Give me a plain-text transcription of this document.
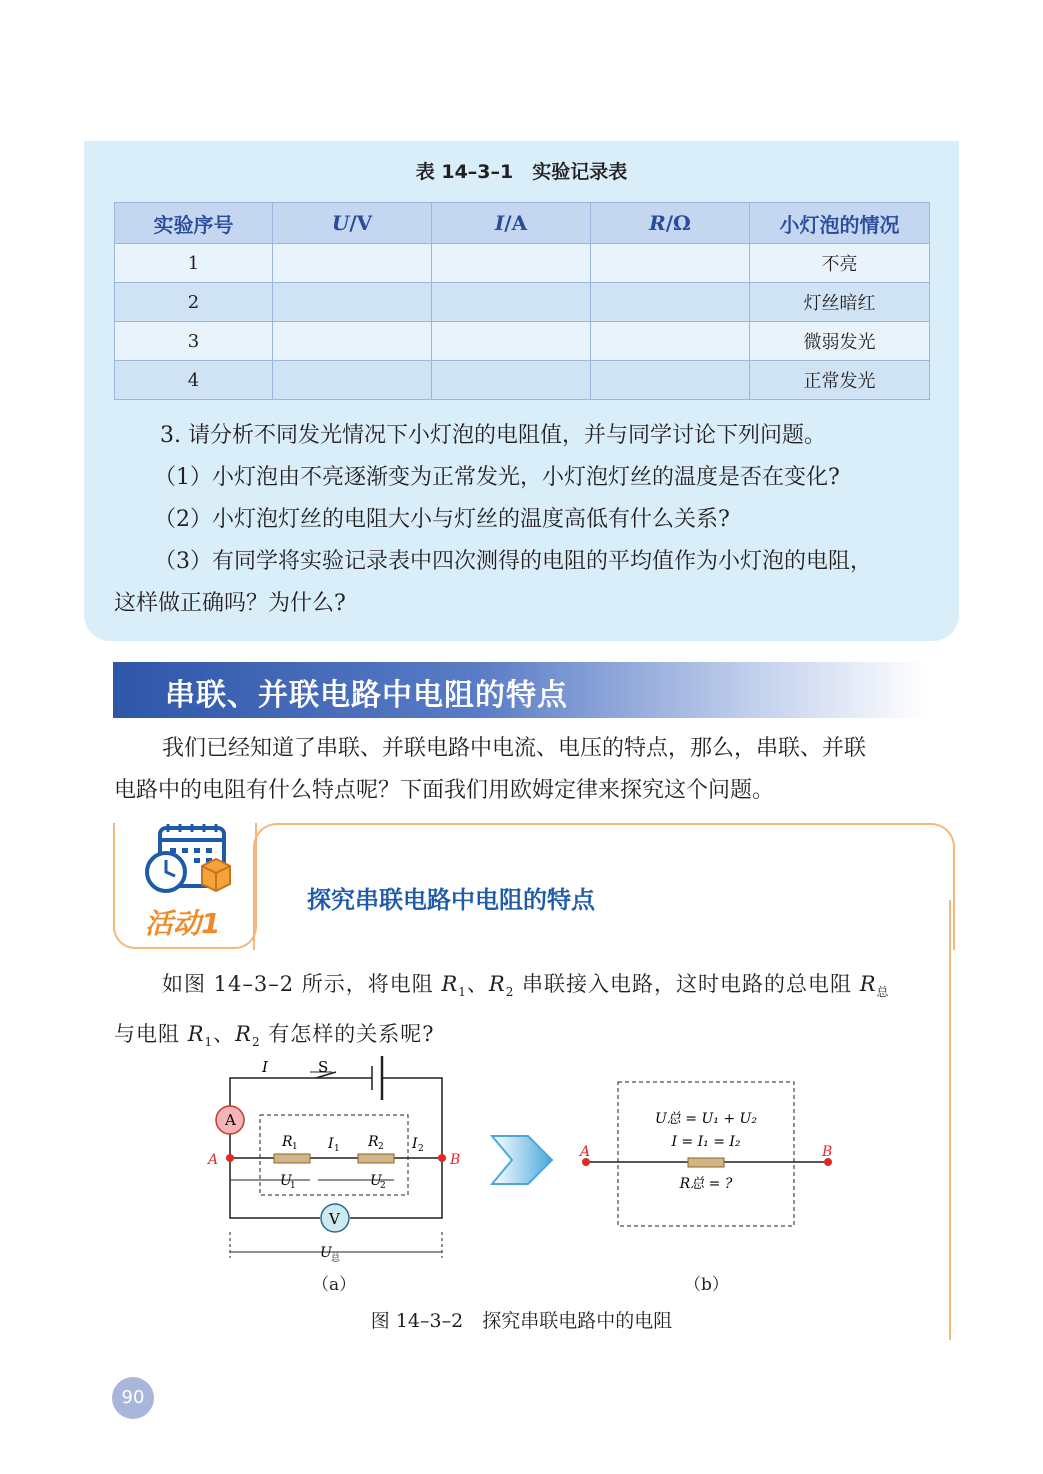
表 14–3–1　实验记录表
实验序号	U/V	I/A	R/Ω	小灯泡的情况
1				不亮
2				灯丝暗红
3				微弱发光
4				正常发光
3. 请分析不同发光情况下小灯泡的电阻值，并与同学讨论下列问题。
（1）小灯泡由不亮逐渐变为正常发光，小灯泡灯丝的温度是否在变化?
（2）小灯泡灯丝的电阻大小与灯丝的温度高低有什么关系?
（3）有同学将实验记录表中四次测得的电阻的平均值作为小灯泡的电阻，
这样做正确吗？为什么?
串联、并联电路中电阻的特点

我们已经知道了串联、并联电路中电流、电压的特点，那么，串联、并联

电路中的电阻有什么特点呢？下面我们用欧姆定律来探究这个问题。

活动1
探究串联电路中电阻的特点

如图 14–3–2 所示，将电阻 $R_1$、$R_2$ 串联接入电路，这时电路的总电阻 $R_总$

与电阻 $R_1$、$R_2$ 有怎样的关系呢?

I	S
A
V
R 1	R 2
I 1	I 2
U
1	U
2
U 总
A	B
U总 = U₁ + U₂
I = I₁ = I₂
R总 = ?
A	B
（a）	（b）
图 14–3–2　探究串联电路中的电阻
90
